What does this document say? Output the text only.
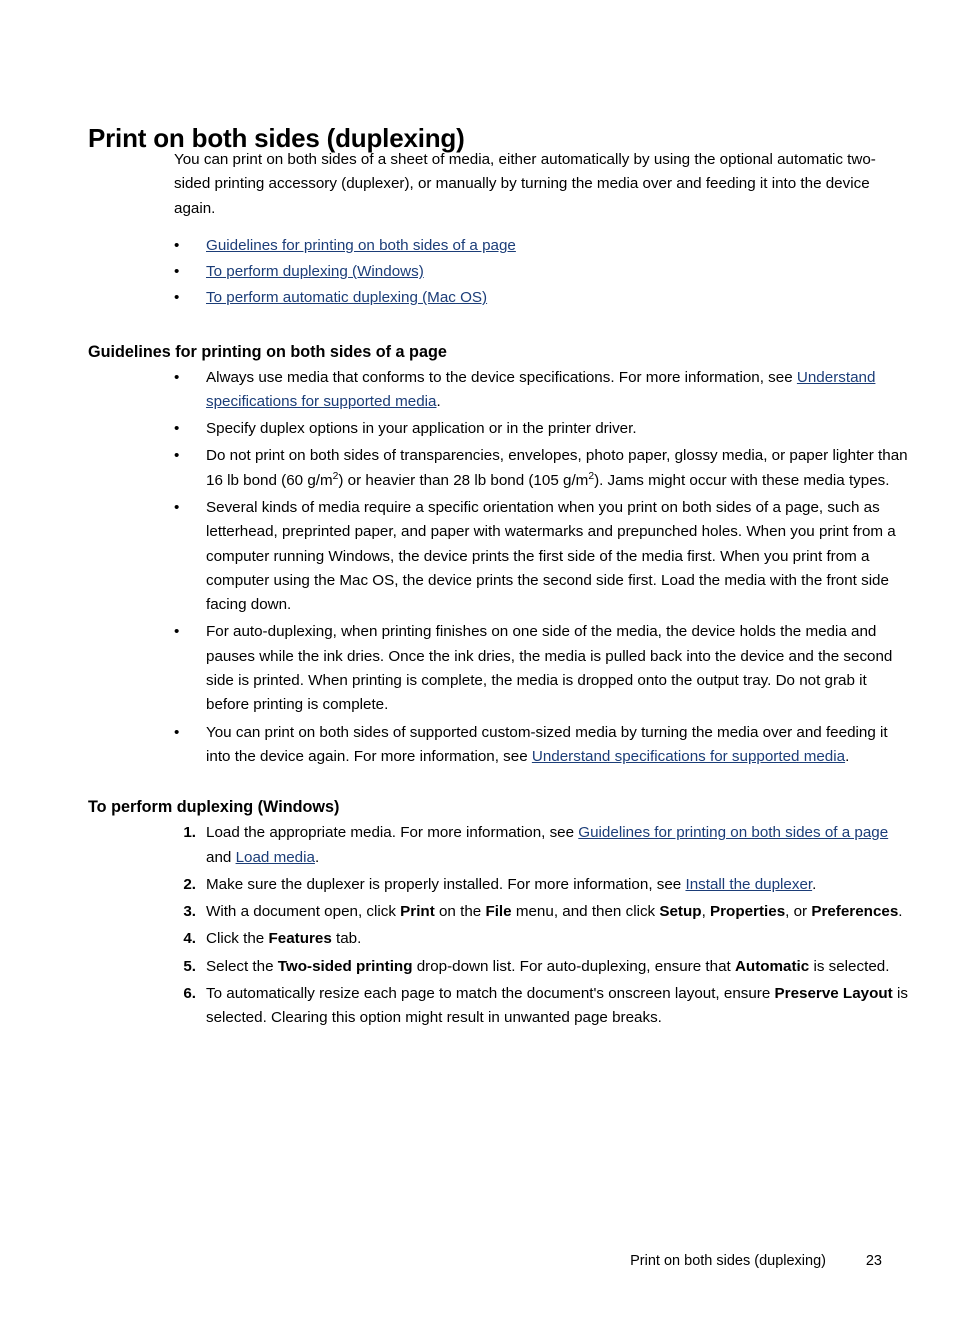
Print on both sides (duplexing)

You can print on both sides of a sheet of media, either automatically by using the optional automatic two-sided printing accessory (duplexer), or manually by turning the media over and feeding it into the device again.

•	Guidelines for printing on both sides of a page
•	To perform duplexing (Windows)
•	To perform automatic duplexing (Mac OS)
Guidelines for printing on both sides of a page
•	Always use media that conforms to the device specifications. For more information, see Understand specifications for supported media.
•	Specify duplex options in your application or in the printer driver.
•	Do not print on both sides of transparencies, envelopes, photo paper, glossy media, or paper lighter than 16 lb bond (60 $g/m^2$) or heavier than 28 lb bond (105 $g/m^2$). Jams might occur with these media types.
•	Several kinds of media require a specific orientation when you print on both sides of a page, such as letterhead, preprinted paper, and paper with watermarks and prepunched holes. When you print from a computer running Windows, the device prints the first side of the media first. When you print from a computer using the Mac OS, the device prints the second side first. Load the media with the front side facing down.
•	For auto-duplexing, when printing finishes on one side of the media, the device holds the media and pauses while the ink dries. Once the ink dries, the media is pulled back into the device and the second side is printed. When printing is complete, the media is dropped onto the output tray. Do not grab it before printing is complete.
•	You can print on both sides of supported custom-sized media by turning the media over and feeding it into the device again. For more information, see Understand specifications for supported media.
To perform duplexing (Windows)
1. Load the appropriate media. For more information, see Guidelines for printing on both sides of a page and Load media.
2. Make sure the duplexer is properly installed. For more information, see Install the duplexer.
3. With a document open, click Print on the File menu, and then click Setup, Properties, or Preferences.
4. Click the Features tab.
5. Select the Two-sided printing drop-down list. For auto-duplexing, ensure that Automatic is selected.
6. To automatically resize each page to match the document's onscreen layout, ensure Preserve Layout is selected. Clearing this option might result in unwanted page breaks.
Print on both sides (duplexing)	23
